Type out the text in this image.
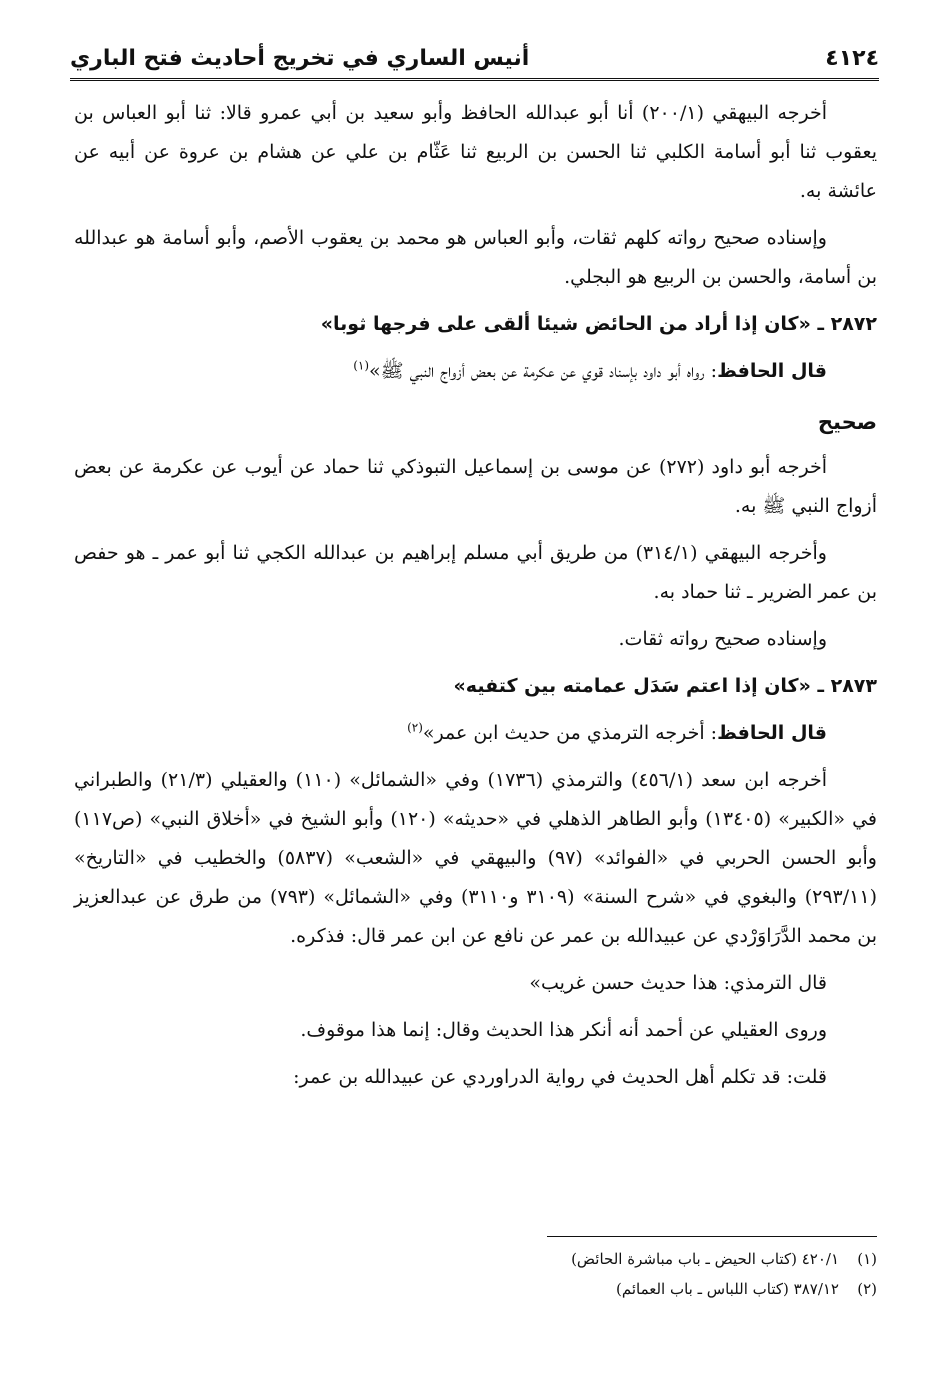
٤١٢٤
أنيس الساري في تخريج أحاديث فتح الباري

أخرجه البيهقي (٢٠٠/١) أنا أبو عبدالله الحافظ وأبو سعيد بن أبي عمرو قالا: ثنا أبو العباس بن يعقوب ثنا أبو أسامة الكلبي ثنا الحسن بن الربيع ثنا عَثّام بن علي عن هشام بن عروة عن أبيه عن عائشة به.

وإسناده صحيح رواته كلهم ثقات، وأبو العباس هو محمد بن يعقوب الأصم، وأبو أسامة هو عبدالله بن أسامة، والحسن بن الربيع هو البجلي.

٢٨٧٢ ـ «كان إذا أراد من الحائض شيئا ألقى على فرجها ثوبا»

قال الحافظ: رواه أبو داود بإسناد قوي عن عكرمة عن بعض أزواج النبي ﷺ»$^{(١)}$

صحيح

أخرجه أبو داود (٢٧٢) عن موسى بن إسماعيل التبوذكي ثنا حماد عن أيوب عن عكرمة عن بعض أزواج النبي ﷺ به.

وأخرجه البيهقي (٣١٤/١) من طريق أبي مسلم إبراهيم بن عبدالله الكجي ثنا أبو عمر ـ هو حفص بن عمر الضرير ـ ثنا حماد به.

وإسناده صحيح رواته ثقات.

٢٨٧٣ ـ «كان إذا اعتم سَدَل عمامته بين كتفيه»

قال الحافظ: أخرجه الترمذي من حديث ابن عمر»$^{(٢)}$

أخرجه ابن سعد (٤٥٦/١) والترمذي (١٧٣٦) وفي «الشمائل» (١١٠) والعقيلي (٢١/٣) والطبراني في «الكبير» (١٣٤٠٥) وأبو الطاهر الذهلي في «حديثه» (١٢٠) وأبو الشيخ في «أخلاق النبي» (ص١١٧) وأبو الحسن الحربي في «الفوائد» (٩٧) والبيهقي في «الشعب» (٥٨٣٧) والخطيب في «التاريخ» (٢٩٣/١١) والبغوي في «شرح السنة» (٣١٠٩ و٣١١٠) وفي «الشمائل» (٧٩٣) من طرق عن عبدالعزيز بن محمد الدَّرَاوَرْدي عن عبيدالله بن عمر عن نافع عن ابن عمر قال: فذكره.

قال الترمذي: هذا حديث حسن غريب»

وروى العقيلي عن أحمد أنه أنكر هذا الحديث وقال: إنما هذا موقوف.

قلت: قد تكلم أهل الحديث في رواية الدراوردي عن عبيدالله بن عمر:

(١)
٤٢٠/١ (كتاب الحيض ـ باب مباشرة الحائض)
(٢)
٣٨٧/١٢ (كتاب اللباس ـ باب العمائم)
